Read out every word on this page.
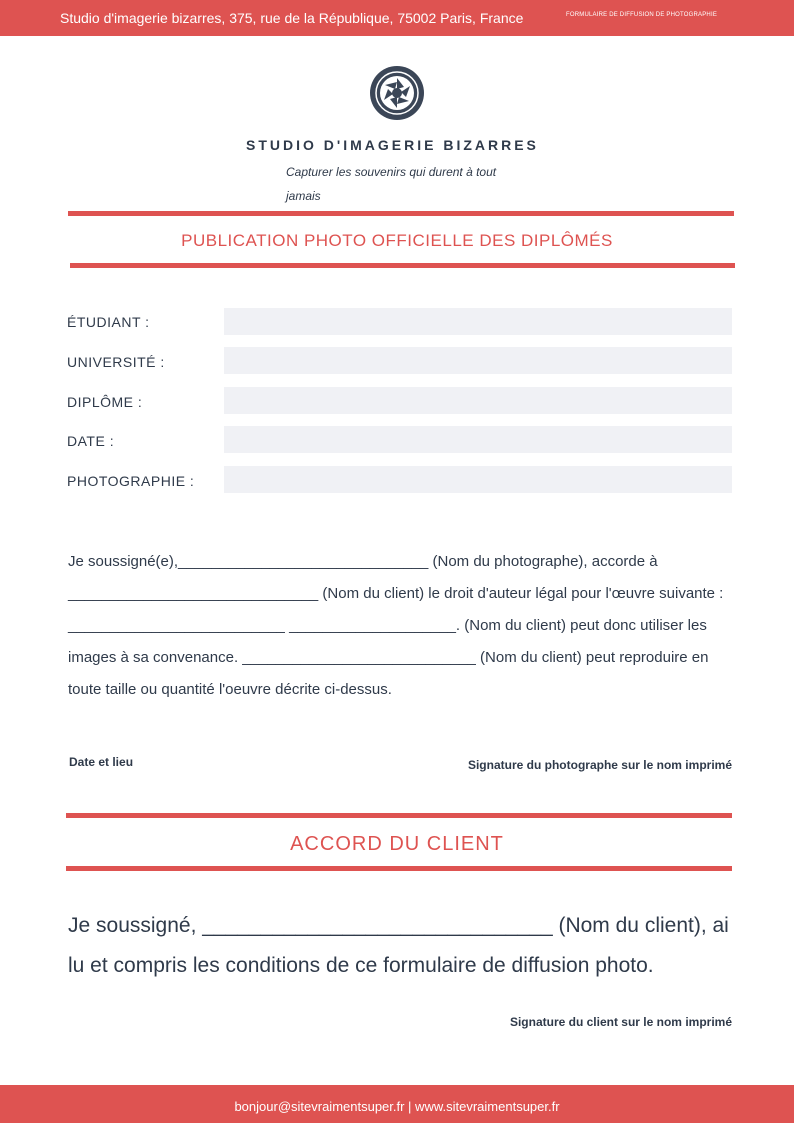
Studio d'imagerie bizarres, 375, rue de la République, 75002 Paris, France	FORMULAIRE DE DIFFUSION DE PHOTOGRAPHIE
STUDIO D'IMAGERIE BIZARRES
Capturer les souvenirs qui durent à tout jamais
PUBLICATION PHOTO OFFICIELLE DES DIPLÔMÉS
ÉTUDIANT :
UNIVERSITÉ :
DIPLÔME :
DATE :
PHOTOGRAPHIE :
Je soussigné(e),______________________________ (Nom du photographe), accorde à ______________________________ (Nom du client) le droit d'auteur légal pour l'œuvre suivante : __________________________ ____________________. (Nom du client) peut donc utiliser les images à sa convenance. ____________________________ (Nom du client) peut reproduire en toute taille ou quantité l'oeuvre décrite ci-dessus.
Date et lieu	Signature du photographe sur le nom imprimé
ACCORD DU CLIENT
Je soussigné, ______________________________ (Nom du client), ai lu et compris les conditions de ce formulaire de diffusion photo.
Signature du client sur le nom imprimé
bonjour@sitevraimentsuper.fr | www.sitevraimentsuper.fr
